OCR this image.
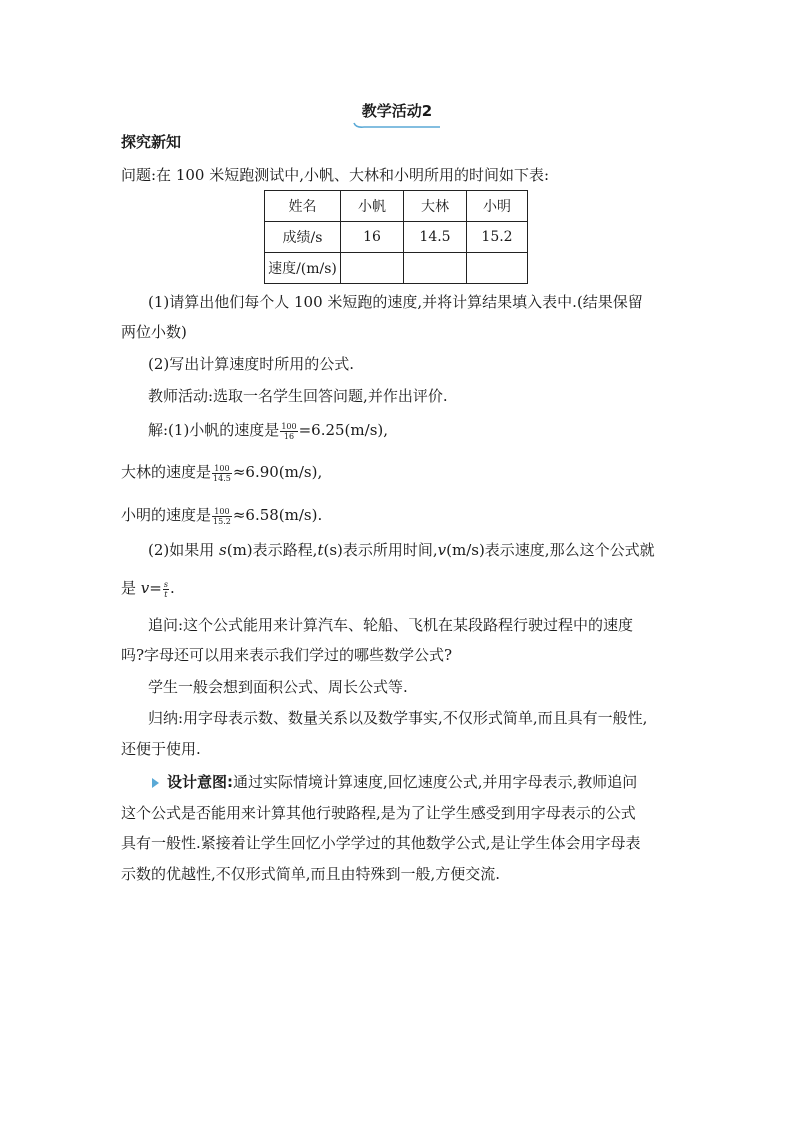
教学活动2
探究新知
问题:在 100 米短跑测试中,小帆、大林和小明所用的时间如下表:
姓名	小帆	大林	小明
成绩/s	16	14.5	15.2
速度/(m/s)			
(1)请算出他们每个人 100 米短跑的速度,并将计算结果填入表中.(结果保留
两位小数)
(2)写出计算速度时所用的公式.
教师活动:选取一名学生回答问题,并作出评价.
解:(1)小帆的速度是 $\frac{100}{16} =6.25(m/s)$,
大林的速度是 $\frac{100}{14.5} \approx 6.90(m/s)$,
小明的速度是 $\frac{100}{15.2} \approx 6.58(m/s)$.
(2)如果用 s(m)表示路程,t(s)表示所用时间,v(m/s)表示速度,那么这个公式就
是 $v= \frac{s}{t}$ .
追问:这个公式能用来计算汽车、轮船、飞机在某段路程行驶过程中的速度
吗?字母还可以用来表示我们学过的哪些数学公式?
学生一般会想到面积公式、周长公式等.
归纳:用字母表示数、数量关系以及数学事实,不仅形式简单,而且具有一般性,
还便于使用.
设计意图:通过实际情境计算速度,回忆速度公式,并用字母表示,教师追问
这个公式是否能用来计算其他行驶路程,是为了让学生感受到用字母表示的公式
具有一般性.紧接着让学生回忆小学学过的其他数学公式,是让学生体会用字母表
示数的优越性,不仅形式简单,而且由特殊到一般,方便交流.
